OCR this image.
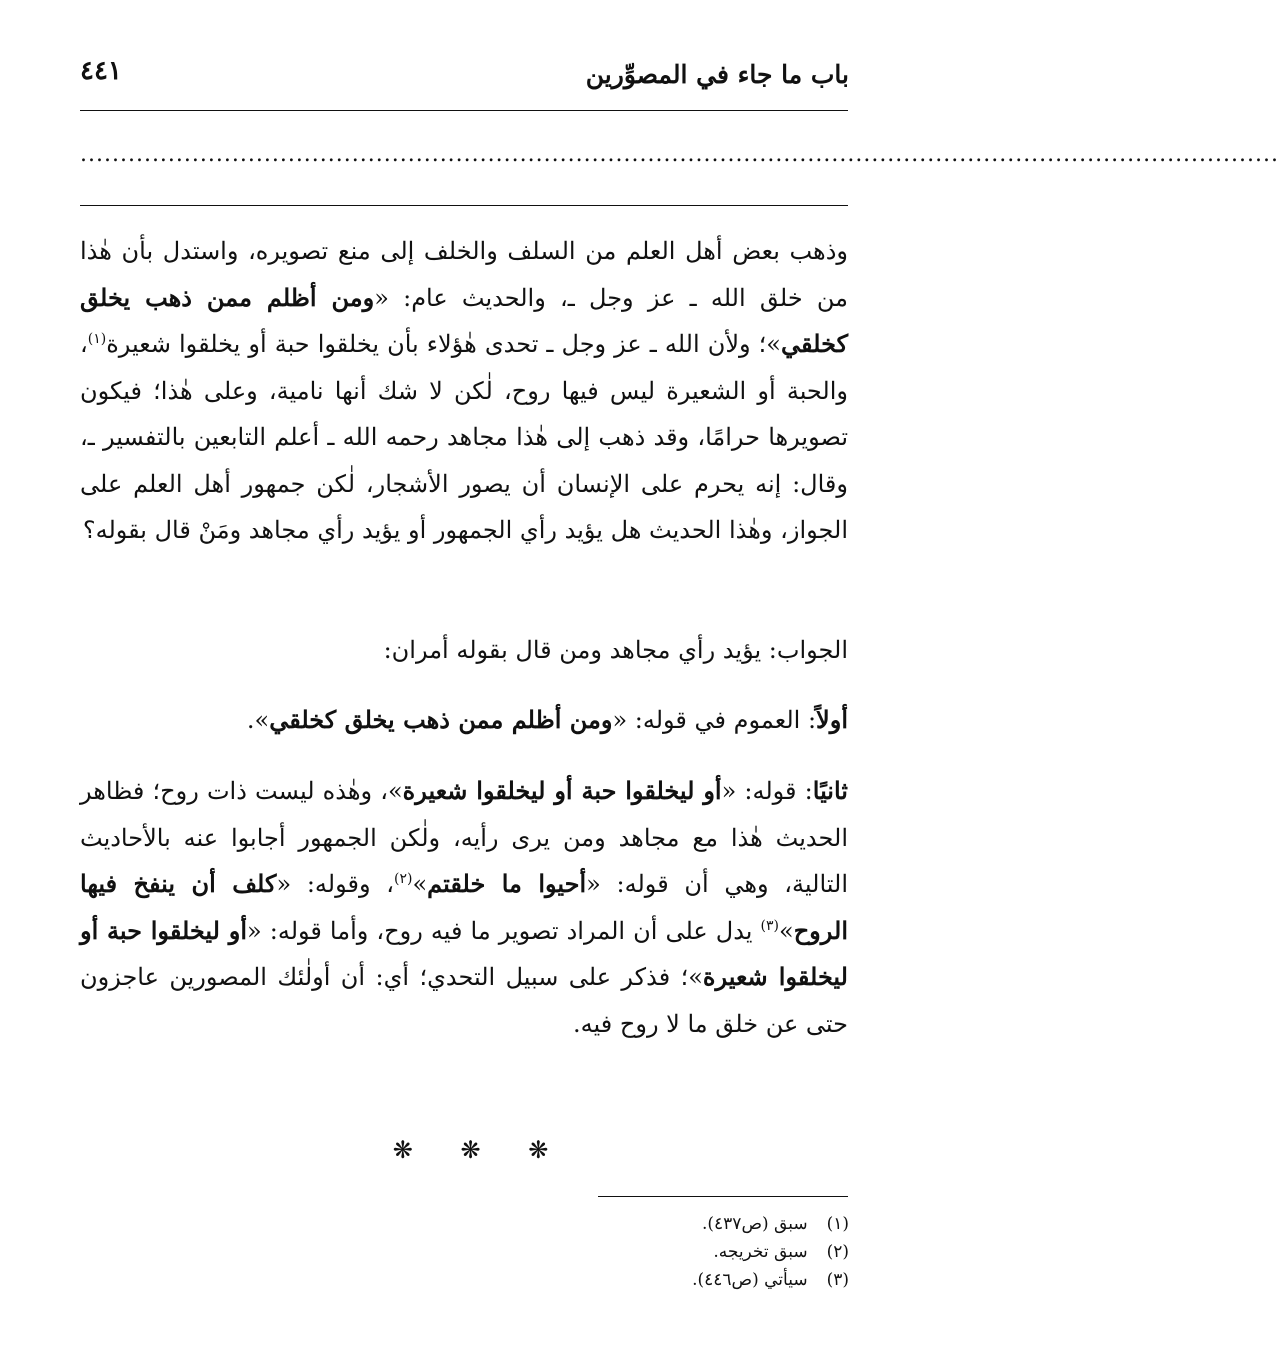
باب ما جاء في المصوِّرين
٤٤١
......................................................................................................................................................

وذهب بعض أهل العلم من السلف والخلف إلى منع تصويره، واستدل بأن هٰذا من خلق الله ـ عز وجل ـ، والحديث عام: «ومن أظلم ممن ذهب يخلق كخلقي»؛ ولأن الله ـ عز وجل ـ تحدى هٰؤلاء بأن يخلقوا حبة أو يخلقوا شعيرة$^{(١)}$، والحبة أو الشعيرة ليس فيها روح، لٰكن لا شك أنها نامية، وعلى هٰذا؛ فيكون تصويرها حرامًا، وقد ذهب إلى هٰذا مجاهد رحمه الله ـ أعلم التابعين بالتفسير ـ، وقال: إنه يحرم على الإنسان أن يصور الأشجار، لٰكن جمهور أهل العلم على الجواز، وهٰذا الحديث هل يؤيد رأي الجمهور أو يؤيد رأي مجاهد ومَنْ قال بقوله؟

الجواب: يؤيد رأي مجاهد ومن قال بقوله أمران:

أولاً: العموم في قوله: «ومن أظلم ممن ذهب يخلق كخلقي».

ثانيًا: قوله: «أو ليخلقوا حبة أو ليخلقوا شعيرة»، وهٰذه ليست ذات روح؛ فظاهر الحديث هٰذا مع مجاهد ومن يرى رأيه، ولٰكن الجمهور أجابوا عنه بالأحاديث التالية، وهي أن قوله: «أحيوا ما خلقتم»$^{(٢)}$، وقوله: «كلف أن ينفخ فيها الروح»$^{(٣)}$ يدل على أن المراد تصوير ما فيه روح، وأما قوله: «أو ليخلقوا حبة أو ليخلقوا شعيرة»؛ فذكر على سبيل التحدي؛ أي: أن أولٰئك المصورين عاجزون حتى عن خلق ما لا روح فيه.

❋ ❋ ❋
(١) سبق (ص٤٣٧).
(٢) سبق تخريجه.
(٣) سيأتي (ص٤٤٦).
